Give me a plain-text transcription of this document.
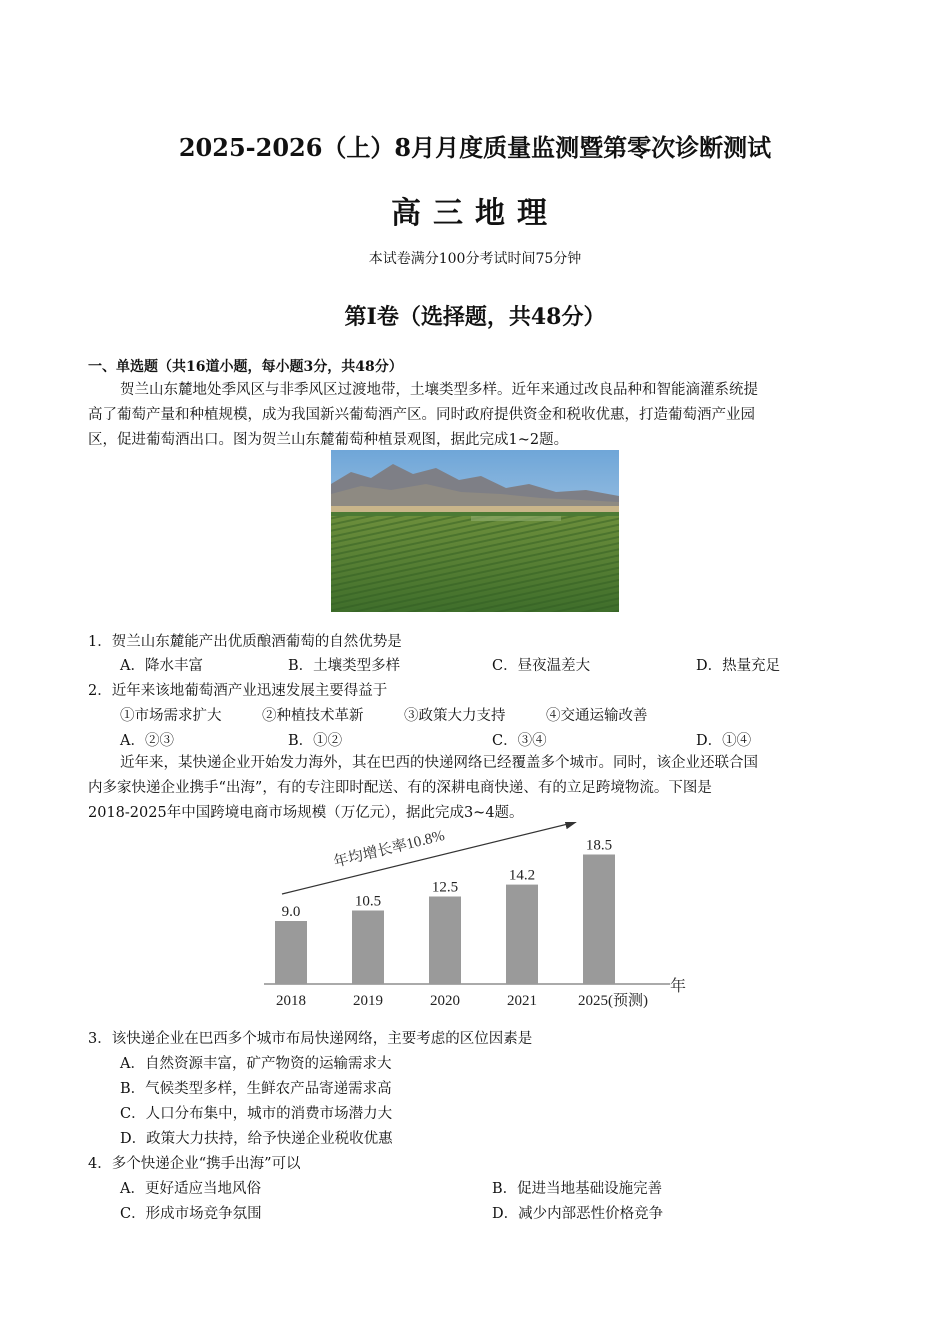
2025-2026（上）8月月度质量监测暨第零次诊断测试
高三地理
本试卷满分100分考试时间75分钟
第Ⅰ卷（选择题，共48分）
一、单选题（共16道小题，每小题3分，共48分）
贺兰山东麓地处季风区与非季风区过渡地带，土壤类型多样。近年来通过改良品种和智能滴灌系统提
高了葡萄产量和种植规模，成为我国新兴葡萄酒产区。同时政府提供资金和税收优惠，打造葡萄酒产业园
区，促进葡萄酒出口。图为贺兰山东麓葡萄种植景观图，据此完成1~2题。
1．贺兰山东麓能产出优质酿酒葡萄的自然优势是
A．降水丰富	B．土壤类型多样	C．昼夜温差大	D．热量充足
2．近年来该地葡萄酒产业迅速发展主要得益于
①市场需求扩大	②种植技术革新	③政策大力支持	④交通运输改善
A．②③	B．①②	C．③④	D．①④
近年来，某快递企业开始发力海外，其在巴西的快递网络已经覆盖多个城市。同时，该企业还联合国
内多家快递企业携手“出海”，有的专注即时配送、有的深耕电商快递、有的立足跨境物流。下图是
2018-2025年中国跨境电商市场规模（万亿元），据此完成3~4题。
年均增长率10.8%
年
9.0
2018
10.5
2019
12.5
2020
14.2
2021
18.5
2025(预测)
3．该快递企业在巴西多个城市布局快递网络，主要考虑的区位因素是
A．自然资源丰富，矿产物资的运输需求大
B．气候类型多样，生鲜农产品寄递需求高
C．人口分布集中，城市的消费市场潜力大
D．政策大力扶持，给予快递企业税收优惠
4．多个快递企业“携手出海”可以
A．更好适应当地风俗	B．促进当地基础设施完善
C．形成市场竞争氛围	D．减少内部恶性价格竞争
